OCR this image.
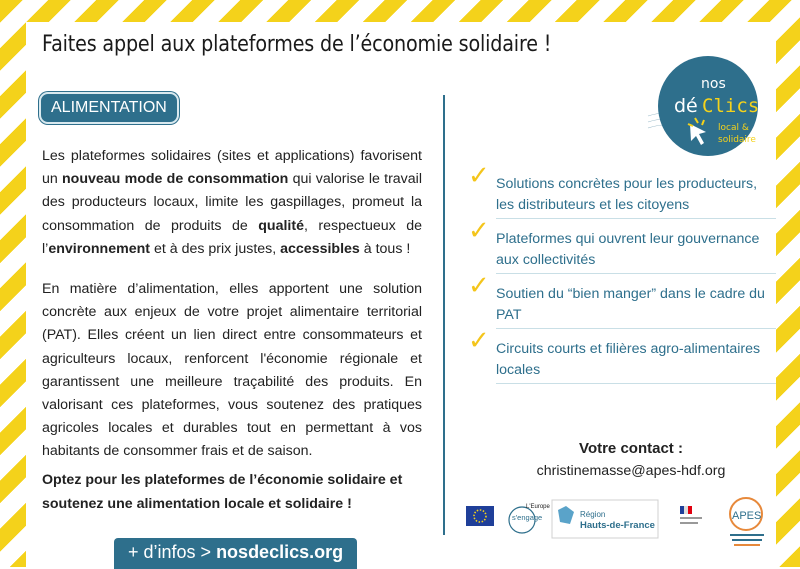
Faites appel aux plateformes de l’économie solidaire !
ALIMENTATION

Les plateformes solidaires (sites et applications) favorisent un nouveau mode de consommation qui valorise le travail des producteurs locaux, limite les gaspillages, promeut la consommation de produits de qualité, respectueux de l’environnement et à des prix justes, accessibles à tous !

En matière d’alimentation, elles apportent une solution concrète aux enjeux de votre projet alimentaire territorial (PAT). Elles créent un lien direct entre consommateurs et agriculteurs locaux, renforcent l'économie régionale et garantissent une meilleure traçabilité des produits. En valorisant ces plateformes, vous soutenez des pratiques agricoles locales et durables tout en permettant à vos habitants de consommer frais et de saison.

Optez pour les plateformes de l’économie solidaire et soutenez une alimentation locale et solidaire !
nos
dé Clics
local &
solidaire
✓ Solutions concrètes pour les producteurs, les distributeurs et les citoyens
✓ Plateformes qui ouvrent leur gouvernance aux collectivités
✓ Soutien du “bien manger” dans le cadre du PAT
✓ Circuits courts et filières agro-alimentaires locales
Votre contact :
christinemasse@apes-hdf.org
L'Europe
s'engage	Région
Hauts-de-France
APES
+ d’infos > nosdeclics.org
